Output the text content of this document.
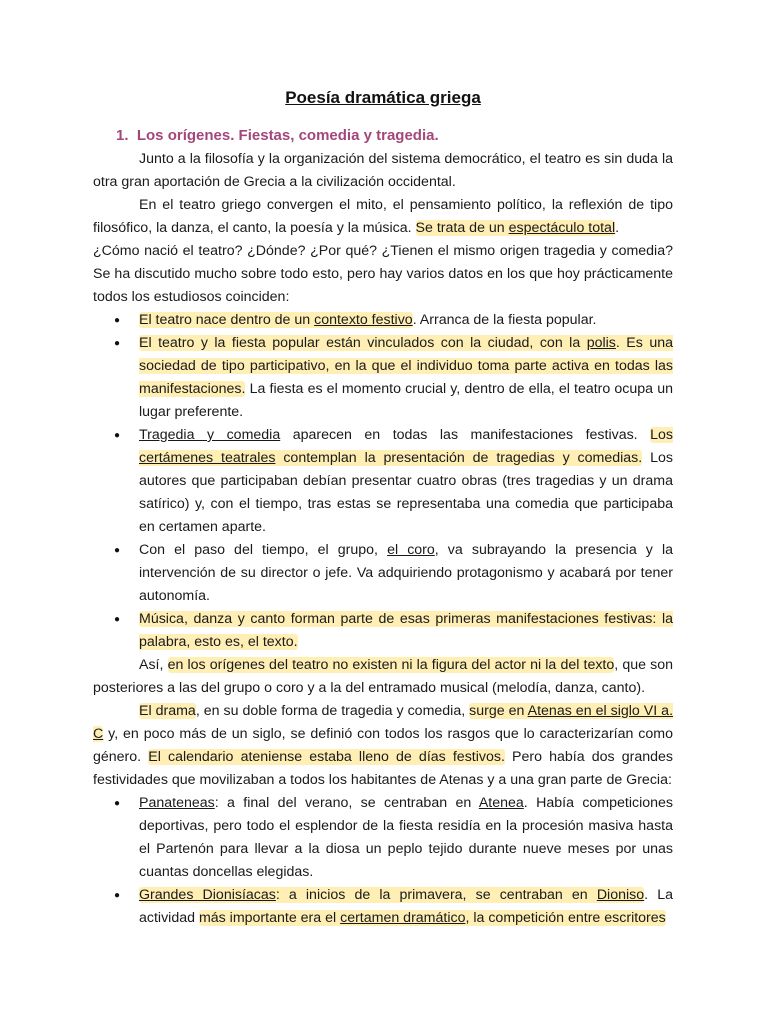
Poesía dramática griega
1. Los orígenes. Fiestas, comedia y tragedia.

Junto a la filosofía y la organización del sistema democrático, el teatro es sin duda la otra gran aportación de Grecia a la civilización occidental.

En el teatro griego convergen el mito, el pensamiento político, la reflexión de tipo filosófico, la danza, el canto, la poesía y la música. Se trata de un espectáculo total.

¿Cómo nació el teatro? ¿Dónde? ¿Por qué? ¿Tienen el mismo origen tragedia y comedia? Se ha discutido mucho sobre todo esto, pero hay varios datos en los que hoy prácticamente todos los estudiosos coinciden:

● El teatro nace dentro de un contexto festivo. Arranca de la fiesta popular.
● El teatro y la fiesta popular están vinculados con la ciudad, con la polis. Es una sociedad de tipo participativo, en la que el individuo toma parte activa en todas las manifestaciones. La fiesta es el momento crucial y, dentro de ella, el teatro ocupa un lugar preferente.
● Tragedia y comedia aparecen en todas las manifestaciones festivas. Los certámenes teatrales contemplan la presentación de tragedias y comedias. Los autores que participaban debían presentar cuatro obras (tres tragedias y un drama satírico) y, con el tiempo, tras estas se representaba una comedia que participaba en certamen aparte.
● Con el paso del tiempo, el grupo, el coro, va subrayando la presencia y la intervención de su director o jefe. Va adquiriendo protagonismo y acabará por tener autonomía.
● Música, danza y canto forman parte de esas primeras manifestaciones festivas: la palabra, esto es, el texto.

Así, en los orígenes del teatro no existen ni la figura del actor ni la del texto, que son posteriores a las del grupo o coro y a la del entramado musical (melodía, danza, canto).

El drama, en su doble forma de tragedia y comedia, surge en Atenas en el siglo VI a. C y, en poco más de un siglo, se definió con todos los rasgos que lo caracterizarían como género. El calendario ateniense estaba lleno de días festivos. Pero había dos grandes festividades que movilizaban a todos los habitantes de Atenas y a una gran parte de Grecia:

● Panateneas: a final del verano, se centraban en Atenea. Había competiciones deportivas, pero todo el esplendor de la fiesta residía en la procesión masiva hasta el Partenón para llevar a la diosa un peplo tejido durante nueve meses por unas cuantas doncellas elegidas.
● Grandes Dionisíacas: a inicios de la primavera, se centraban en Dioniso. La actividad más importante era el certamen dramático, la competición entre escritores
